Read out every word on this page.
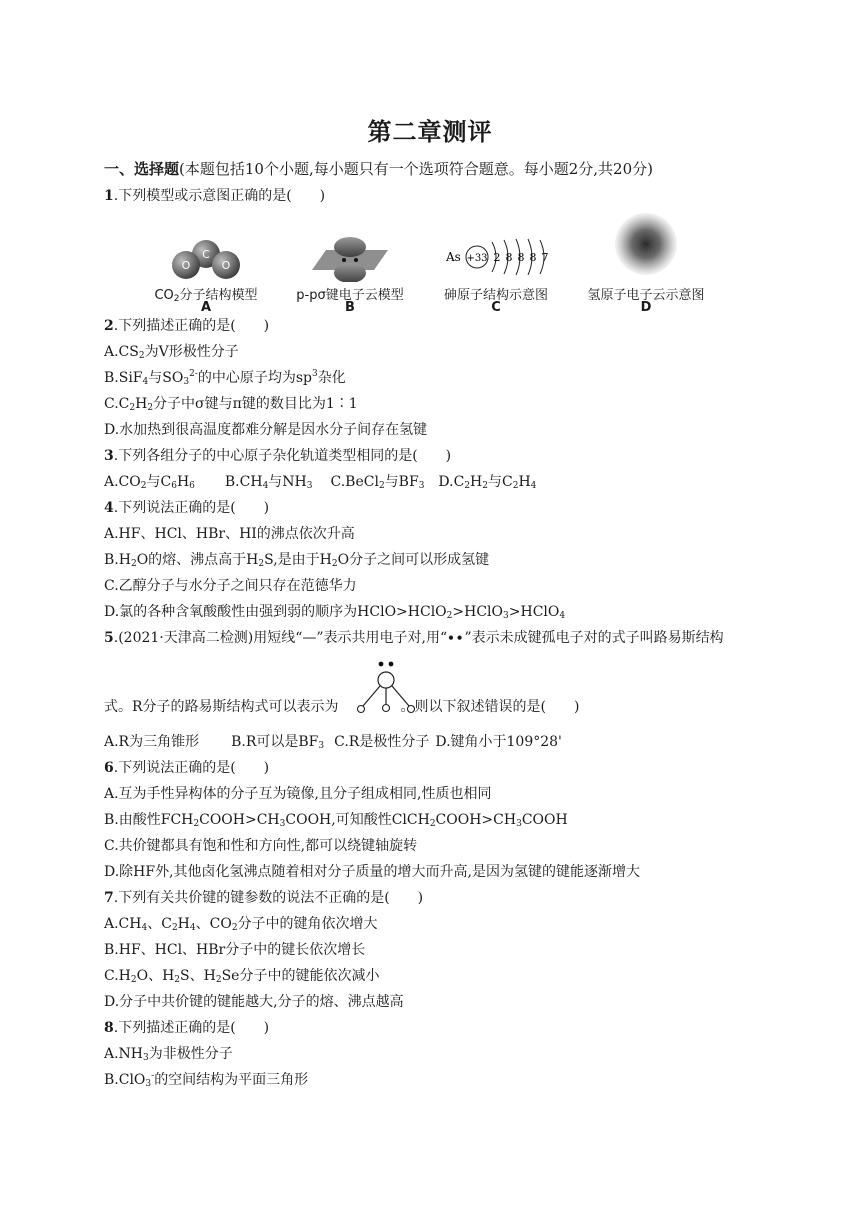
第二章测评
一、选择题(本题包括10个小题,每小题只有一个选项符合题意。每小题2分,共20分)
1.下列模型或示意图正确的是(　　)
C
O	O
$CO_2$分子结构模型
A
p-pσ键电子云模型
B
As +33 2 8 8 8 7
砷原子结构示意图
C
氢原子电子云示意图
D
2.下列描述正确的是(　　)
$A.CS_2$为V形极性分子
B.SiF$_4$与$SO_3^{2-}$的中心原子均为$sp^3$杂化
$C.C_2H_2$分子中σ键与π键的数目比为1∶1
D.水加热到很高温度都难分解是因水分子间存在氢键
3.下列各组分子的中心原子杂化轨道类型相同的是(　　)
$A.CO_2$与$C_6H_6$ $B.CH_4$与$NH_3$ C.BeCl$_2$与$BF_3$ $D.C_2H_2$与$C_2H_4$
4.下列说法正确的是(　　)
A.HF、HCl、HBr、HI的沸点依次升高
$B.H_2O$的熔、沸点高于$H_2S$,是由于$H_2O$分子之间可以形成氢键
C.乙醇分子与水分子之间只存在范德华力
D.氯的各种含氧酸酸性由强到弱的顺序为HClO>HClO$_2$>HClO$_3$>HClO$_4$
5.(2021·天津高二检测)用短线“—”表示共用电子对,用“••”表示未成键孤电子对的式子叫路易斯结构
式。R分子的路易斯结构式可以表示为	。则以下叙述错误的是(　　)
A.R为三角锥形 B.R可以是$BF_3$ C.R是极性分子 D.键角小于109°28'
6.下列说法正确的是(　　)
A.互为手性异构体的分子互为镜像,且分子组成相同,性质也相同
B.由酸性$FCH_2COOH>CH_3COOH$,可知酸性$ClCH_2COOH>CH_3COOH$
C.共价键都具有饱和性和方向性,都可以绕键轴旋转
D.除HF外,其他卤化氢沸点随着相对分子质量的增大而升高,是因为氢键的键能逐渐增大
7.下列有关共价键的键参数的说法不正确的是(　　)
$A.CH_4$、$C_2H_4$、$CO_2$分子中的键角依次增大
B.HF、HCl、HBr分子中的键长依次增长
$C.H_2O$、$H_2S$、$H_2Se$分子中的键能依次减小
D.分子中共价键的键能越大,分子的熔、沸点越高
8.下列描述正确的是(　　)
$A.NH_3$为非极性分子
B.ClO$_3$-的空间结构为平面三角形
